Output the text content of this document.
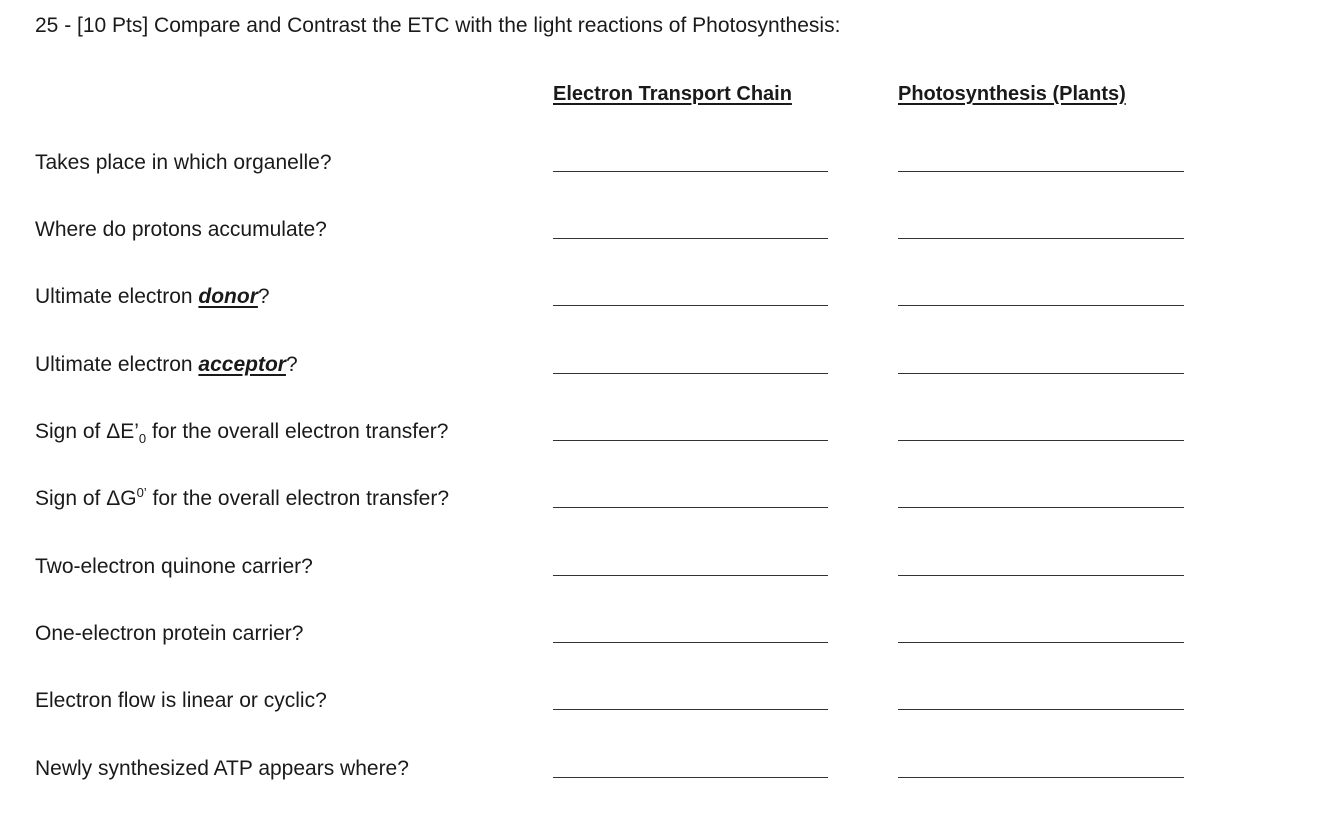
25 - [10 Pts] Compare and Contrast the ETC with the light reactions of Photosynthesis:
Electron Transport Chain	Photosynthesis (Plants)
Takes place in which organelle?
Where do protons accumulate?
Ultimate electron donor?
Ultimate electron acceptor?
Sign of $\Delta E’_0$ for the overall electron transfer?
Sign of $\Delta G^{0’}$ for the overall electron transfer?
Two-electron quinone carrier?
One-electron protein carrier?
Electron flow is linear or cyclic?
Newly synthesized ATP appears where?
